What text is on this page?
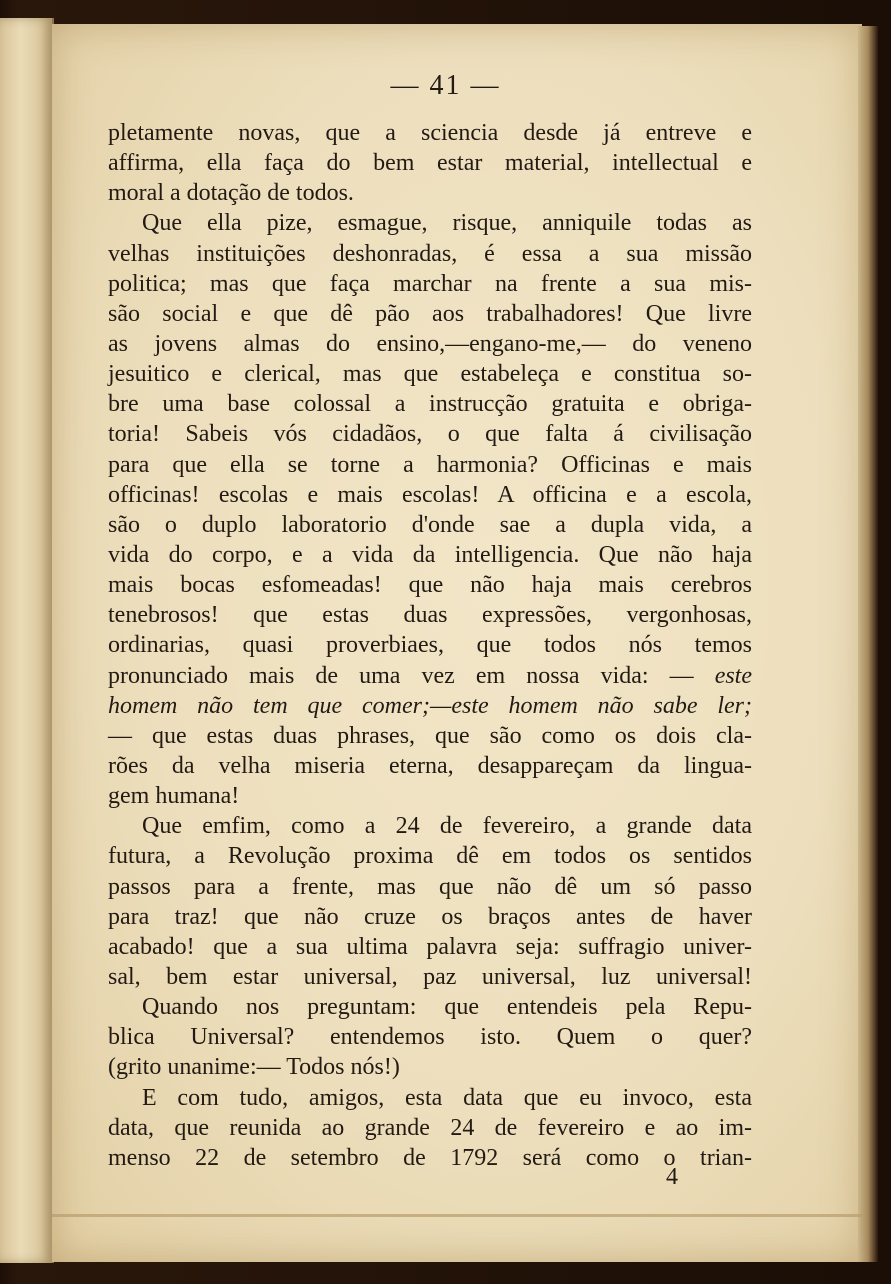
— 41 —
pletamente novas, que a sciencia desde já entreve e
affirma, ella faça do bem estar material, intellectual e
moral a dotação de todos.
Que ella pize, esmague, risque, anniquile todas as
velhas instituições deshonradas, é essa a sua missão
politica; mas que faça marchar na frente a sua mis-
são social e que dê pão aos trabalhadores! Que livre
as jovens almas do ensino,—engano-me,— do veneno
jesuitico e clerical, mas que estabeleça e constitua so-
bre uma base colossal a instrucção gratuita e obriga-
toria! Sabeis vós cidadãos, o que falta á civilisação
para que ella se torne a harmonia? Officinas e mais
officinas! escolas e mais escolas! A officina e a escola,
são o duplo laboratorio d'onde sae a dupla vida, a
vida do corpo, e a vida da intelligencia. Que não haja
mais bocas esfomeadas! que não haja mais cerebros
tenebrosos! que estas duas expressões, vergonhosas,
ordinarias, quasi proverbiaes, que todos nós temos
pronunciado mais de uma vez em nossa vida: — este
homem não tem que comer;—este homem não sabe ler;
— que estas duas phrases, que são como os dois cla-
rões da velha miseria eterna, desappareçam da lingua-
gem humana!
Que emfim, como a 24 de fevereiro, a grande data
futura, a Revolução proxima dê em todos os sentidos
passos para a frente, mas que não dê um só passo
para traz! que não cruze os braços antes de haver
acabado! que a sua ultima palavra seja: suffragio univer-
sal, bem estar universal, paz universal, luz universal!
Quando nos preguntam: que entendeis pela Repu-
blica Universal? entendemos isto. Quem o quer?
(grito unanime:— Todos nós!)
E com tudo, amigos, esta data que eu invoco, esta
data, que reunida ao grande 24 de fevereiro e ao im-
menso 22 de setembro de 1792 será como o trian-
4
